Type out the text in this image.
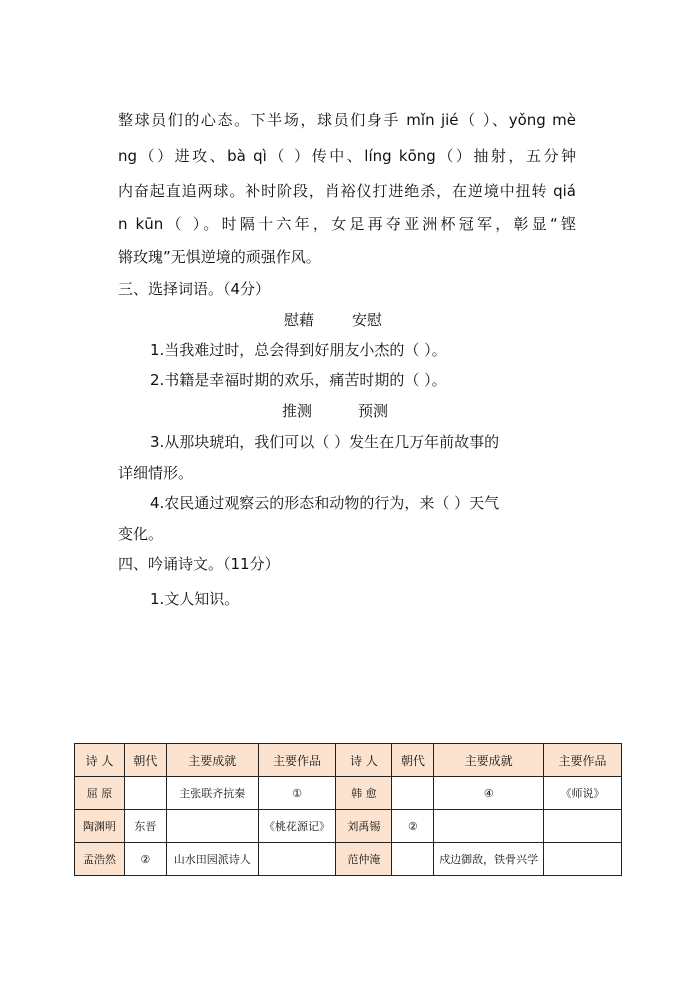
整球员们的心态。下半场，球员们身手 mǐn jié（ ）、yǒng mè
ng（）进攻、bà qì（ ）传中、líng kōng（）抽射，五分钟
内奋起直追两球。补时阶段，肖裕仪打进绝杀，在逆境中扭转 qiá
n kūn（ ）。时隔十六年，女足再夺亚洲杯冠军，彰显“铿
锵玫瑰”无惧逆境的顽强作风。
三、选择词语。（4分）
慰藉	安慰
1.当我难过时，总会得到好朋友小杰的（ ）。
2.书籍是幸福时期的欢乐，痛苦时期的（ ）。
推测	预测
3.从那块琥珀，我们可以（ ）发生在几万年前故事的
详细情形。
4.农民通过观察云的形态和动物的行为，来（ ）天气
变化。
四、吟诵诗文。（11分）
1.文人知识。
诗 人	朝代	主要成就	主要作品	诗 人	朝代	主要成就	主要作品
屈 原		主张联齐抗秦	①	韩 愈		④	《师说》
陶渊明	东晋		《桃花源记》	刘禹锡	②		
孟浩然	②	山水田园派诗人		范仲淹		戍边御敌，铁骨兴学	
